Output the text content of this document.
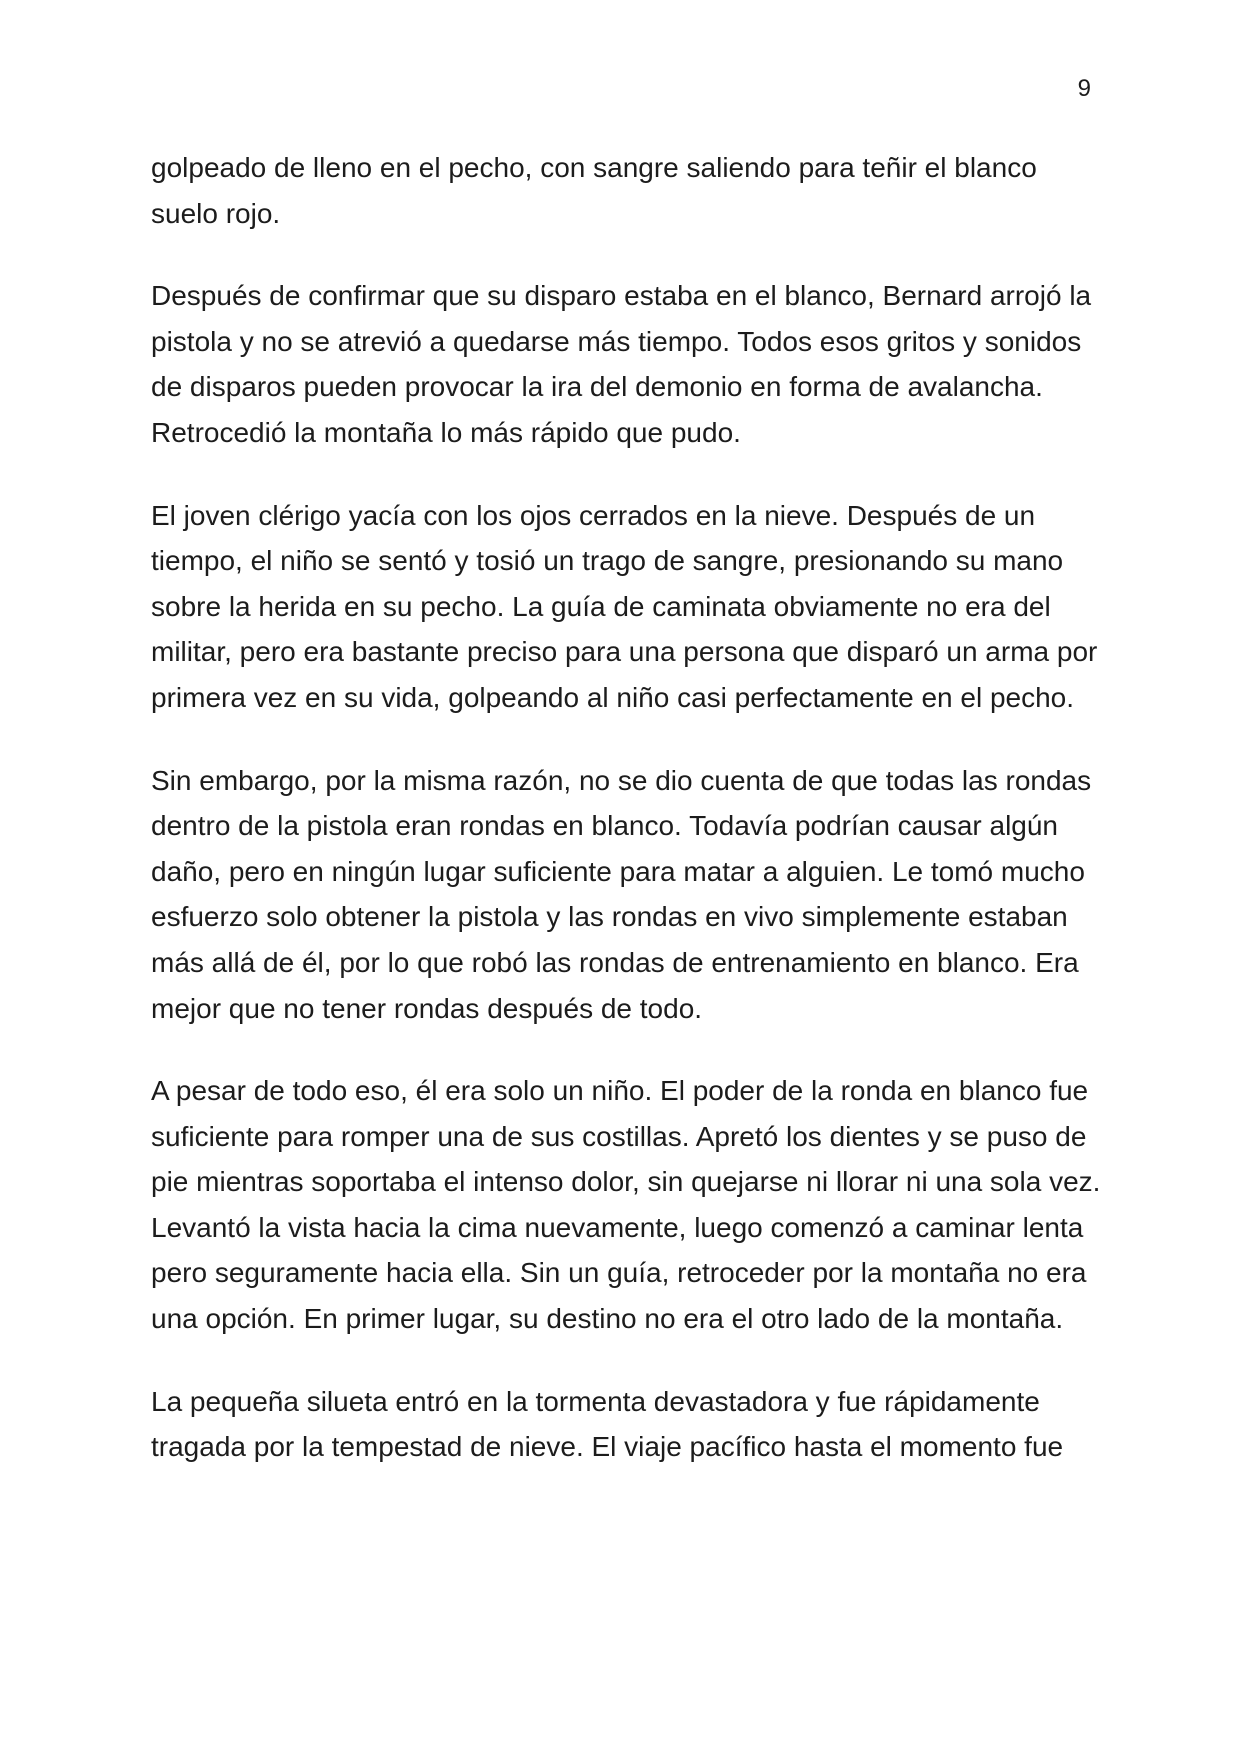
9

golpeado de lleno en el pecho, con sangre saliendo para teñir el blanco suelo rojo.

Después de confirmar que su disparo estaba en el blanco, Bernard arrojó la pistola y no se atrevió a quedarse más tiempo. Todos esos gritos y sonidos de disparos pueden provocar la ira del demonio en forma de avalancha. Retrocedió la montaña lo más rápido que pudo.

El joven clérigo yacía con los ojos cerrados en la nieve. Después de un tiempo, el niño se sentó y tosió un trago de sangre, presionando su mano sobre la herida en su pecho. La guía de caminata obviamente no era del militar, pero era bastante preciso para una persona que disparó un arma por primera vez en su vida, golpeando al niño casi perfectamente en el pecho.

Sin embargo, por la misma razón, no se dio cuenta de que todas las rondas dentro de la pistola eran rondas en blanco. Todavía podrían causar algún daño, pero en ningún lugar suficiente para matar a alguien. Le tomó mucho esfuerzo solo obtener la pistola y las rondas en vivo simplemente estaban más allá de él, por lo que robó las rondas de entrenamiento en blanco. Era mejor que no tener rondas después de todo.

A pesar de todo eso, él era solo un niño. El poder de la ronda en blanco fue suficiente para romper una de sus costillas. Apretó los dientes y se puso de pie mientras soportaba el intenso dolor, sin quejarse ni llorar ni una sola vez. Levantó la vista hacia la cima nuevamente, luego comenzó a caminar lenta pero seguramente hacia ella. Sin un guía, retroceder por la montaña no era una opción. En primer lugar, su destino no era el otro lado de la montaña.

La pequeña silueta entró en la tormenta devastadora y fue rápidamente tragada por la tempestad de nieve. El viaje pacífico hasta el momento fue
